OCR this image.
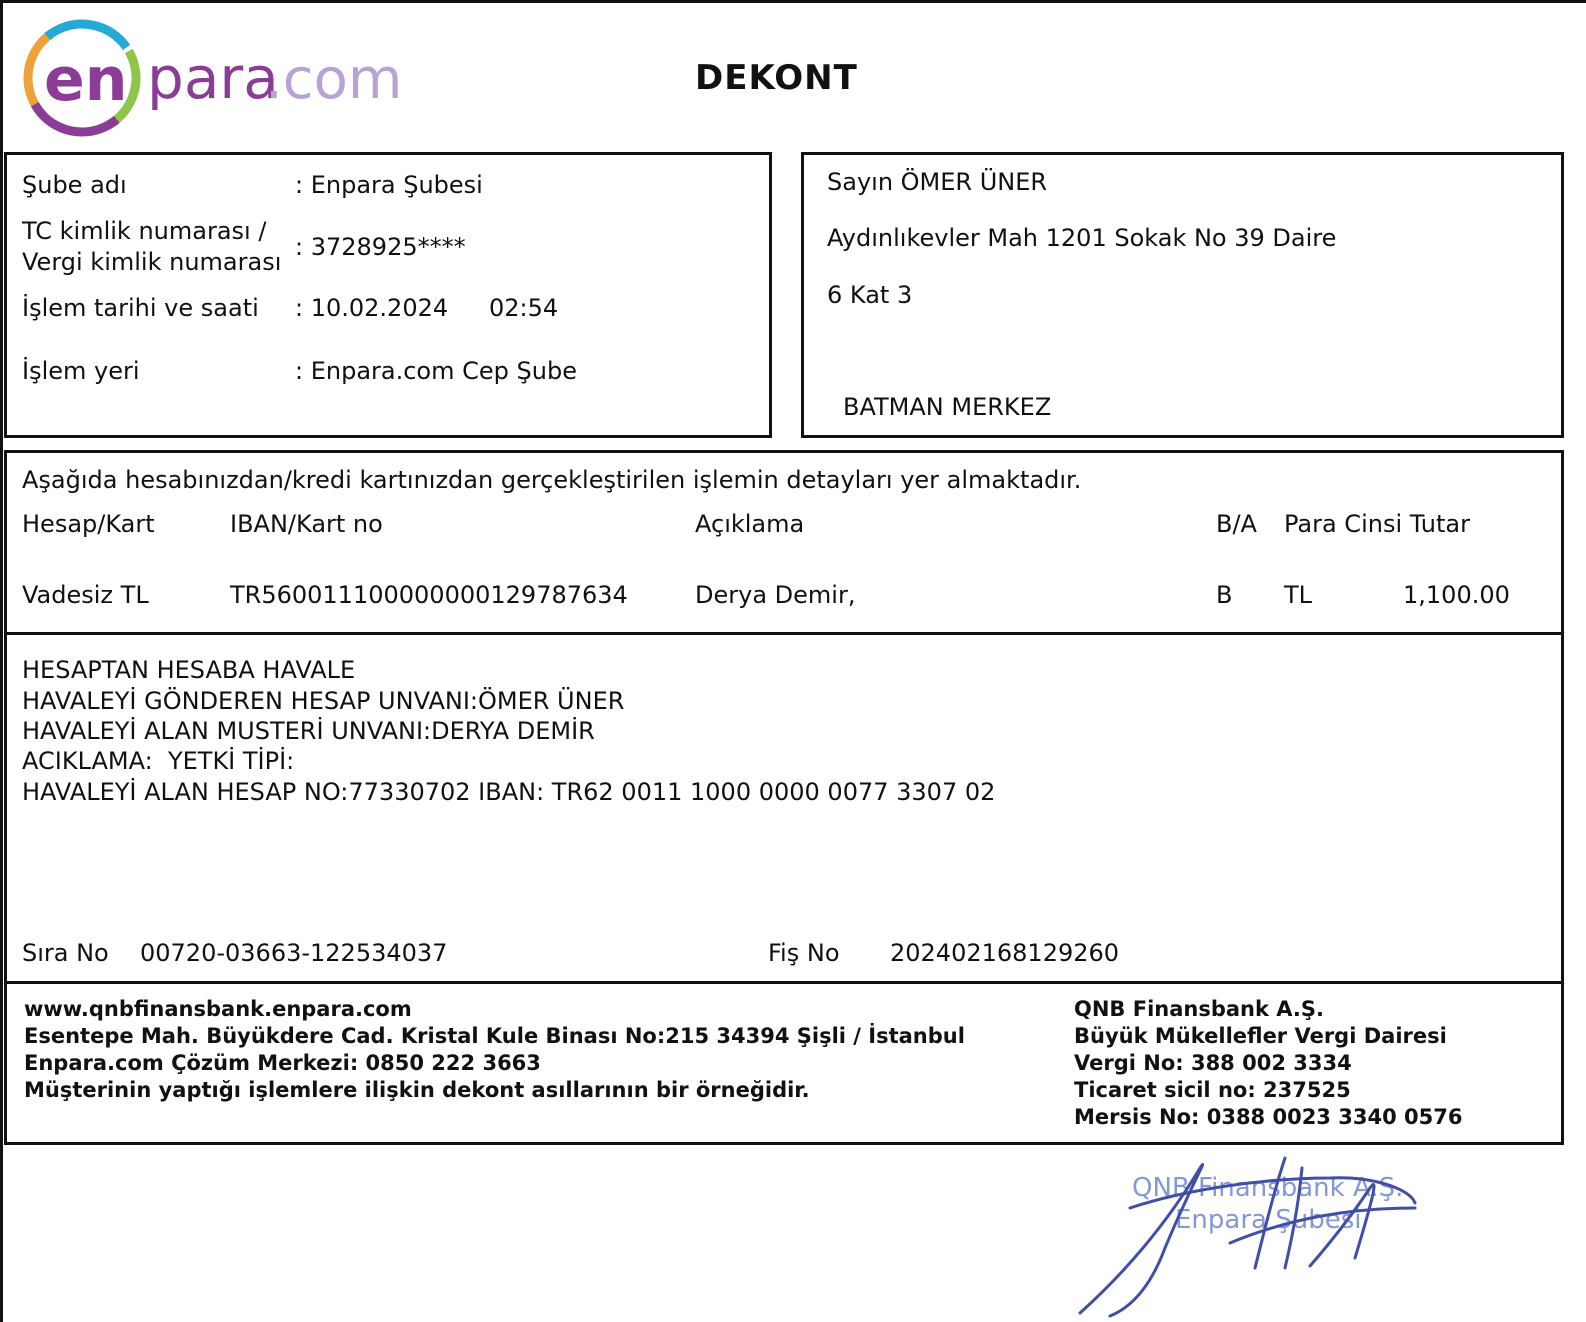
en para
.com	DEKONT
Şube adı	: Enpara Şubesi
TC kimlik numarası /
Vergi kimlik numarası
: 3728925****
İşlem tarihi ve saati : 10.02.2024 02:54
İşlem yeri	: Enpara.com Cep Şube
Sayın ÖMER ÜNER
Aydınlıkevler Mah 1201 Sokak No 39 Daire
6 Kat 3
BATMAN MERKEZ
Aşağıda hesabınızdan/kredi kartınızdan gerçekleştirilen işlemin detayları yer almaktadır.
Hesap/Kart	IBAN/Kart no	Açıklama	B/A Para Cinsi Tutar
Vadesiz TL	TR560011100000000129787634	Derya Demir,	B TL	1,100.00
HESAPTAN HESABA HAVALE
HAVALEYİ GÖNDEREN HESAP UNVANI:ÖMER ÜNER
HAVALEYİ ALAN MUSTERİ UNVANI:DERYA DEMİR
ACIKLAMA:  YETKİ TİPİ:
HAVALEYİ ALAN HESAP NO:77330702 IBAN: TR62 0011 1000 0000 0077 3307 02
Sıra No 00720-03663-122534037	Fiş No 202402168129260
www.qnbfinansbank.enpara.com
Esentepe Mah. Büyükdere Cad. Kristal Kule Binası No:215 34394 Şişli / İstanbul
Enpara.com Çözüm Merkezi: 0850 222 3663
Müşterinin yaptığı işlemlere ilişkin dekont asıllarının bir örneğidir.
QNB Finansbank A.Ş.
Büyük Mükellefler Vergi Dairesi
Vergi No: 388 002 3334
Ticaret sicil no: 237525
Mersis No: 0388 0023 3340 0576
QNB Finansbank A.Ş.
Enpara Şubesi
